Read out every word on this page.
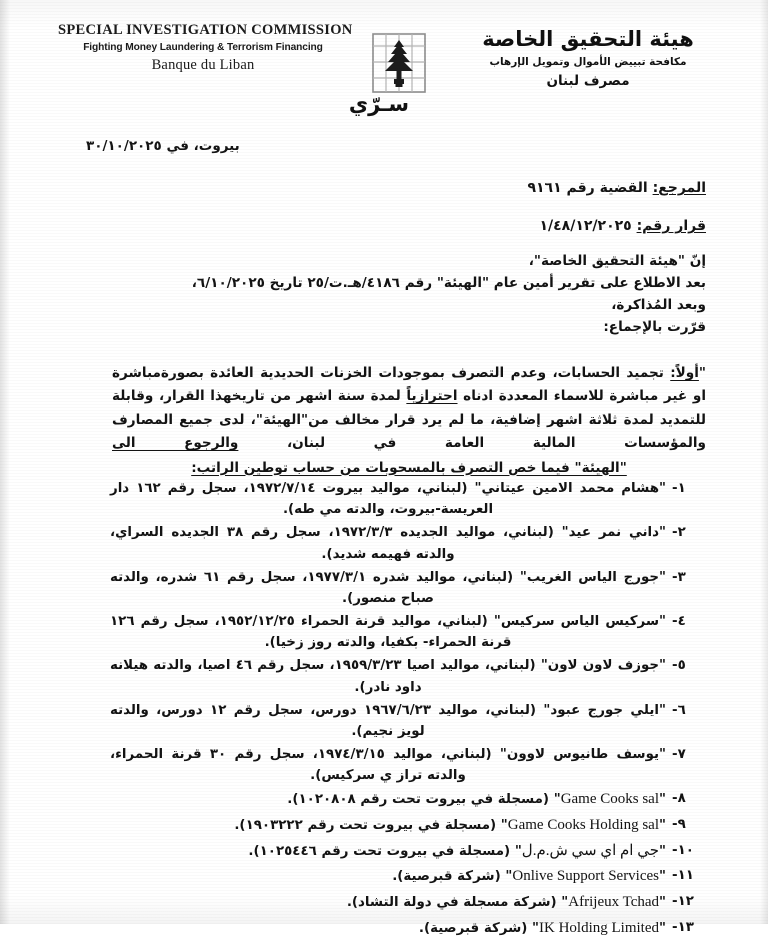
SPECIAL INVESTIGATION COMMISSION
Fighting Money Laundering & Terrorism Financing
Banque du Liban
هيئة التحقيق الخاصة
مكافحة تبييض الأموال وتمويل الإرهاب
مصرف لبنان
سـرّي
بيروت، في ٣٠/١٠/٢٠٢٥
المرجع: القضية رقم ٩١٦١
قرار رقم: ١/٤٨/١٢/٢٠٢٥
إنّ "هيئة التحقيق الخاصة"،
بعد الاطلاع على تقرير أمين عام "الهيئة" رقم ٤١٨٦/هـ.ت/٢٥ تاريخ ٦/١٠/٢٠٢٥،
وبعد المُذاكرة،
قرّرت بالإجماع:
"أولاً: تجميد الحسابات، وعدم التصرف بموجودات الخزنات الحديدية العائدة بصورةمباشرة او غير مباشرة للاسماء المعددة ادناه احترازياً لمدة سنة اشهر من تاريخهذا القرار، وقابلة للتمديد لمدة ثلاثة اشهر إضافية، ما لم يرد قرار مخالف من"الهيئة"، لدى جميع المصارف والمؤسسات المالية العامة في لبنان، والرجوع الى
"الهيئة" فيما خص التصرف بالمسحوبات من حساب توطين الراتب:
١-
"هشام محمد الامين عيتاني" (لبناني، مواليد بيروت ١٩٧٢/٧/١٤، سجل رقم ١٦٢ دار العريسة-بيروت، والدته مي طه).
٢-
"داني نمر عيد" (لبناني، مواليد الجديده ١٩٧٢/٣/٣، سجل رقم ٣٨ الجديده السراي، والدته فهيمه شديد).
٣-
"جورج الياس الغريب" (لبناني، مواليد شدره ١٩٧٧/٣/١، سجل رقم ٦١ شدره، والدته صباح منصور).
٤-
"سركيس الياس سركيس" (لبناني، مواليد قرنة الحمراء ١٩٥٢/١٢/٢٥، سجل رقم ١٢٦ قرنة الحمراء- بكفيا، والدته روز زخيا).
٥-
"جوزف لاون لاون" (لبناني، مواليد اصيا ١٩٥٩/٣/٢٣، سجل رقم ٤٦ اصيا، والدته هيلانه داود نادر).
٦-
"ايلي جورج عبود" (لبناني، مواليد ١٩٦٧/٦/٢٣ دورس، سجل رقم ١٢ دورس، والدته لويز نجيم).
٧-
"يوسف طانيوس لاوون" (لبناني، مواليد ١٩٧٤/٣/١٥، سجل رقم ٣٠ قرنة الحمراء، والدته تراز ي سركيس).
٨-
"Game Cooks sal" (مسجلة في بيروت تحت رقم ١٠٢٠٨٠٨).
٩-
"Game Cooks Holding sal" (مسجلة في بيروت تحت رقم ١٩٠٣٢٢٢).
١٠-
"جي ام اي سي ش.م.ل" (مسجلة في بيروت تحت رقم ١٠٢٥٤٤٦).
١١-
"Onlive Support Services" (شركة قبرصية).
١٢-
"Afrijeux Tchad" (شركة مسجلة في دولة التشاد).
١٣-
"IK Holding Limited" (شركة قبرصية).
